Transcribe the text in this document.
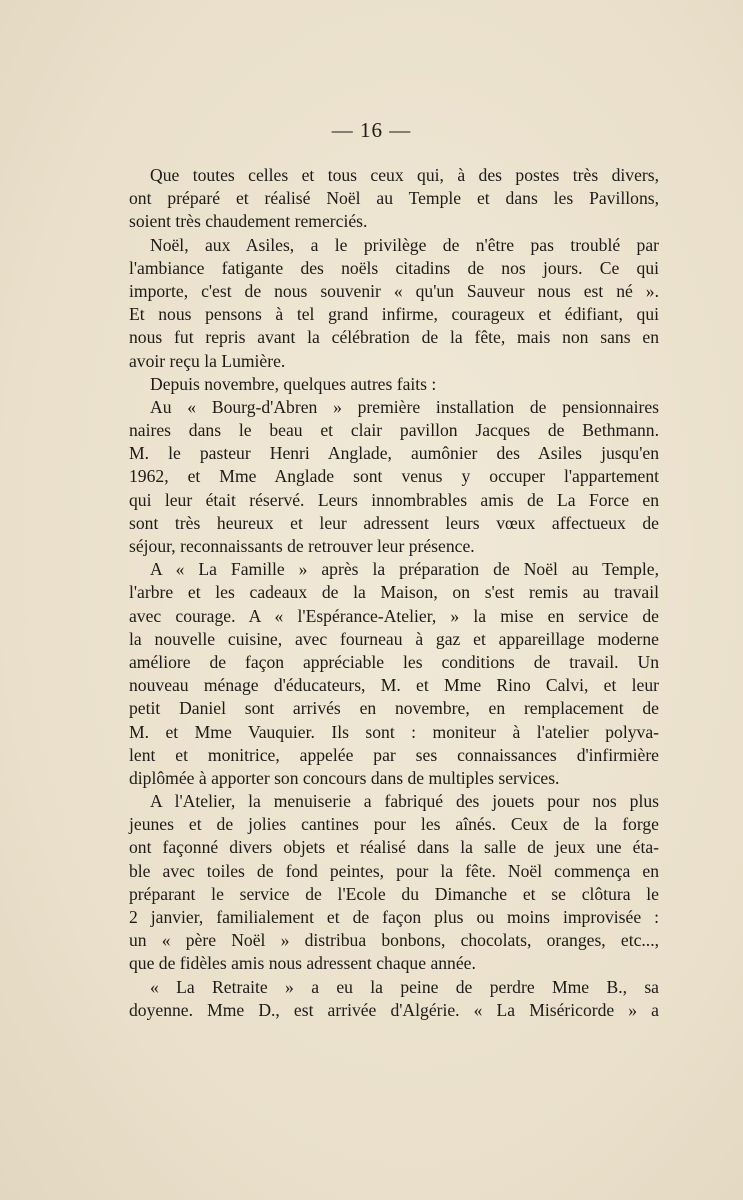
— 16 —
Que toutes celles et tous ceux qui, à des postes très divers,
ont préparé et réalisé Noël au Temple et dans les Pavillons,
soient très chaudement remerciés.
Noël, aux Asiles, a le privilège de n'être pas troublé par
l'ambiance fatigante des noëls citadins de nos jours. Ce qui
importe, c'est de nous souvenir « qu'un Sauveur nous est né ».
Et nous pensons à tel grand infirme, courageux et édifiant, qui
nous fut repris avant la célébration de la fête, mais non sans en
avoir reçu la Lumière.
Depuis novembre, quelques autres faits :
Au « Bourg-d'Abren » première installation de pensionnaires
naires dans le beau et clair pavillon Jacques de Bethmann.
M. le pasteur Henri Anglade, aumônier des Asiles jusqu'en
1962, et Mme Anglade sont venus y occuper l'appartement
qui leur était réservé. Leurs innombrables amis de La Force en
sont très heureux et leur adressent leurs vœux affectueux de
séjour, reconnaissants de retrouver leur présence.
A « La Famille » après la préparation de Noël au Temple,
l'arbre et les cadeaux de la Maison, on s'est remis au travail
avec courage. A « l'Espérance-Atelier, » la mise en service de
la nouvelle cuisine, avec fourneau à gaz et appareillage moderne
améliore de façon appréciable les conditions de travail. Un
nouveau ménage d'éducateurs, M. et Mme Rino Calvi, et leur
petit Daniel sont arrivés en novembre, en remplacement de
M. et Mme Vauquier. Ils sont : moniteur à l'atelier polyva-
lent et monitrice, appelée par ses connaissances d'infirmière
diplômée à apporter son concours dans de multiples services.
A l'Atelier, la menuiserie a fabriqué des jouets pour nos plus
jeunes et de jolies cantines pour les aînés. Ceux de la forge
ont façonné divers objets et réalisé dans la salle de jeux une éta-
ble avec toiles de fond peintes, pour la fête. Noël commença en
préparant le service de l'Ecole du Dimanche et se clôtura le
2 janvier, familialement et de façon plus ou moins improvisée :
un « père Noël » distribua bonbons, chocolats, oranges, etc...,
que de fidèles amis nous adressent chaque année.
« La Retraite » a eu la peine de perdre Mme B., sa
doyenne. Mme D., est arrivée d'Algérie. « La Miséricorde » a
